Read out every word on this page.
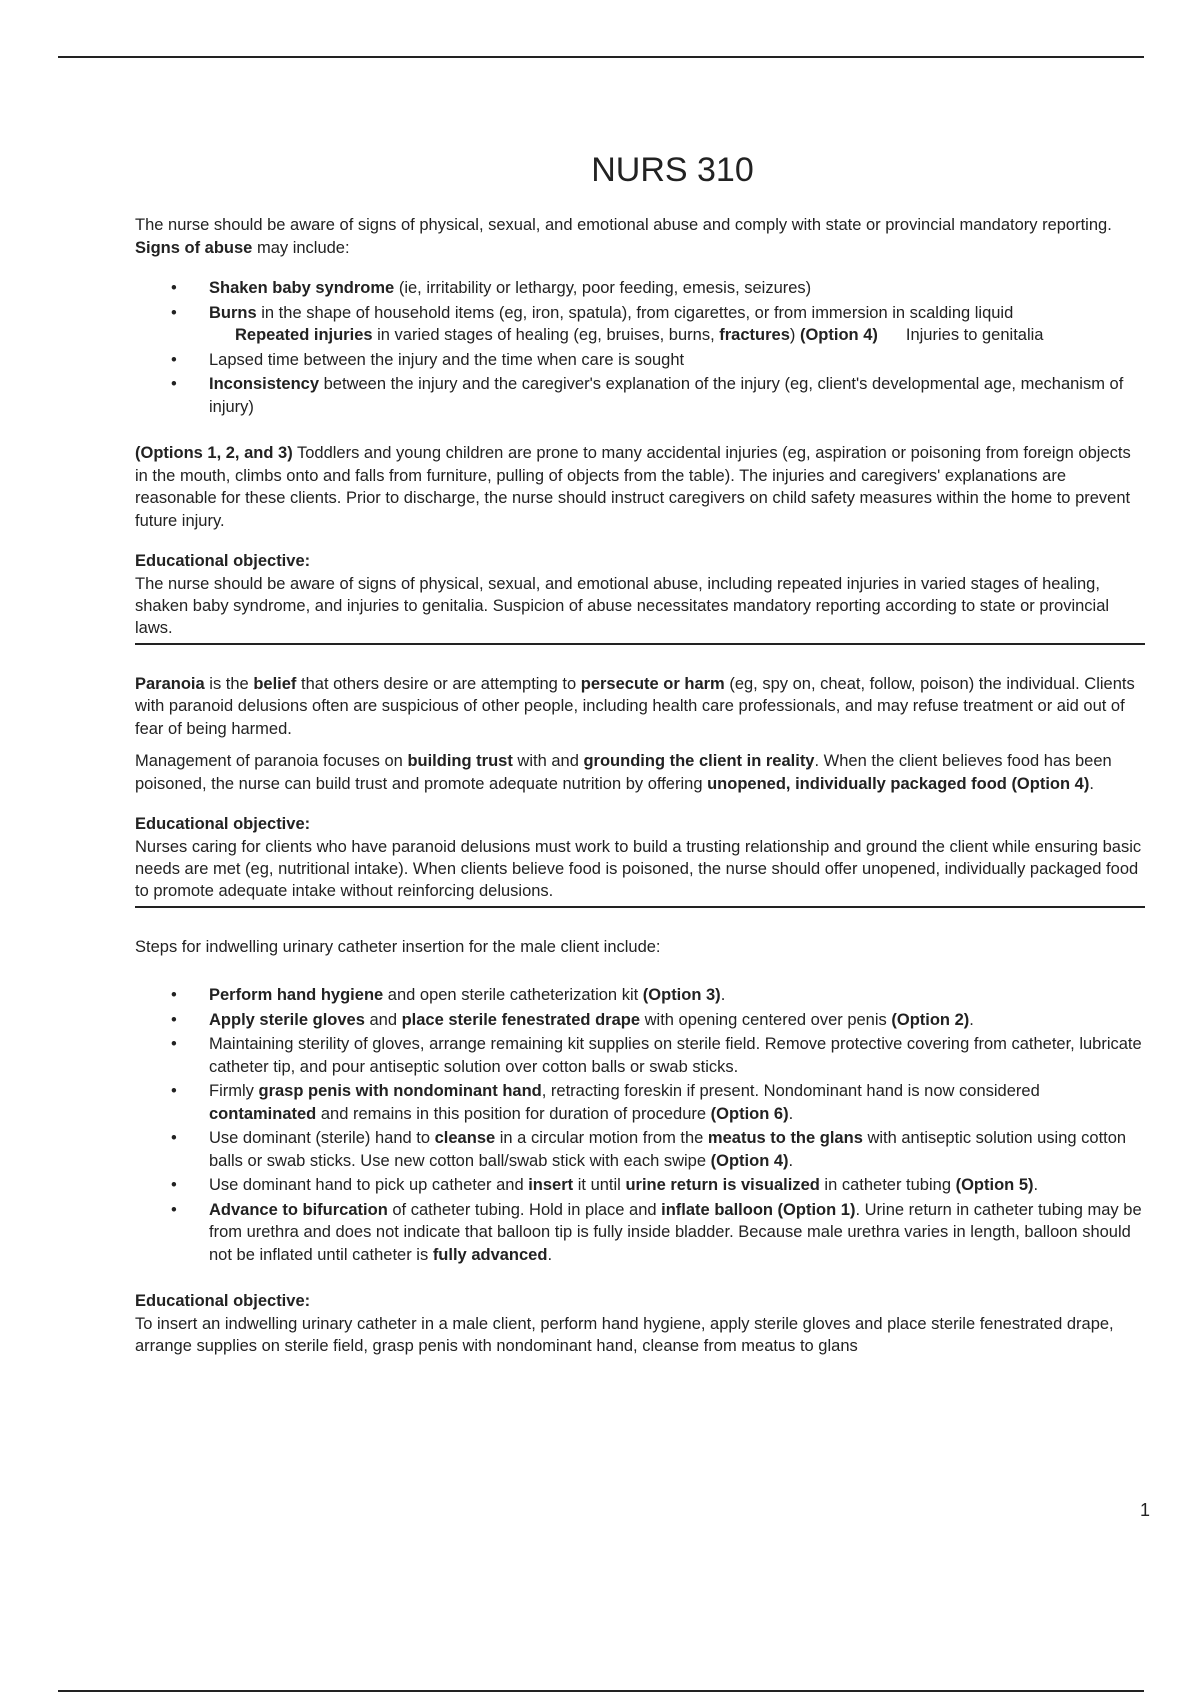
NURS 310

The nurse should be aware of signs of physical, sexual, and emotional abuse and comply with state or provincial mandatory reporting. Signs of abuse may include:

• Shaken baby syndrome (ie, irritability or lethargy, poor feeding, emesis, seizures)
• Burns in the shape of household items (eg, iron, spatula), from cigarettes, or from immersion in scalding liquid
Repeated injuries in varied stages of healing (eg, bruises, burns, fractures) (Option 4) Injuries to genitalia
• Lapsed time between the injury and the time when care is sought
• Inconsistency between the injury and the caregiver's explanation of the injury (eg, client's developmental age, mechanism of injury)

(Options 1, 2, and 3) Toddlers and young children are prone to many accidental injuries (eg, aspiration or poisoning from foreign objects in the mouth, climbs onto and falls from furniture, pulling of objects from the table). The injuries and caregivers' explanations are reasonable for these clients. Prior to discharge, the nurse should instruct caregivers on child safety measures within the home to prevent future injury.

Educational objective:

The nurse should be aware of signs of physical, sexual, and emotional abuse, including repeated injuries in varied stages of healing, shaken baby syndrome, and injuries to genitalia. Suspicion of abuse necessitates mandatory reporting according to state or provincial laws.

Paranoia is the belief that others desire or are attempting to persecute or harm (eg, spy on, cheat, follow, poison) the individual. Clients with paranoid delusions often are suspicious of other people, including health care professionals, and may refuse treatment or aid out of fear of being harmed.

Management of paranoia focuses on building trust with and grounding the client in reality. When the client believes food has been poisoned, the nurse can build trust and promote adequate nutrition by offering unopened, individually packaged food (Option 4).

Educational objective:

Nurses caring for clients who have paranoid delusions must work to build a trusting relationship and ground the client while ensuring basic needs are met (eg, nutritional intake). When clients believe food is poisoned, the nurse should offer unopened, individually packaged food to promote adequate intake without reinforcing delusions.

Steps for indwelling urinary catheter insertion for the male client include:

• Perform hand hygiene and open sterile catheterization kit (Option 3).
• Apply sterile gloves and place sterile fenestrated drape with opening centered over penis (Option 2).
• Maintaining sterility of gloves, arrange remaining kit supplies on sterile field. Remove protective covering from catheter, lubricate catheter tip, and pour antiseptic solution over cotton balls or swab sticks.
• Firmly grasp penis with nondominant hand, retracting foreskin if present. Nondominant hand is now considered contaminated and remains in this position for duration of procedure (Option 6).
• Use dominant (sterile) hand to cleanse in a circular motion from the meatus to the glans with antiseptic solution using cotton balls or swab sticks. Use new cotton ball/swab stick with each swipe (Option 4).
• Use dominant hand to pick up catheter and insert it until urine return is visualized in catheter tubing (Option 5).
• Advance to bifurcation of catheter tubing. Hold in place and inflate balloon (Option 1). Urine return in catheter tubing may be from urethra and does not indicate that balloon tip is fully inside bladder. Because male urethra varies in length, balloon should not be inflated until catheter is fully advanced.

Educational objective:

To insert an indwelling urinary catheter in a male client, perform hand hygiene, apply sterile gloves and place sterile fenestrated drape, arrange supplies on sterile field, grasp penis with nondominant hand, cleanse from meatus to glans

1
